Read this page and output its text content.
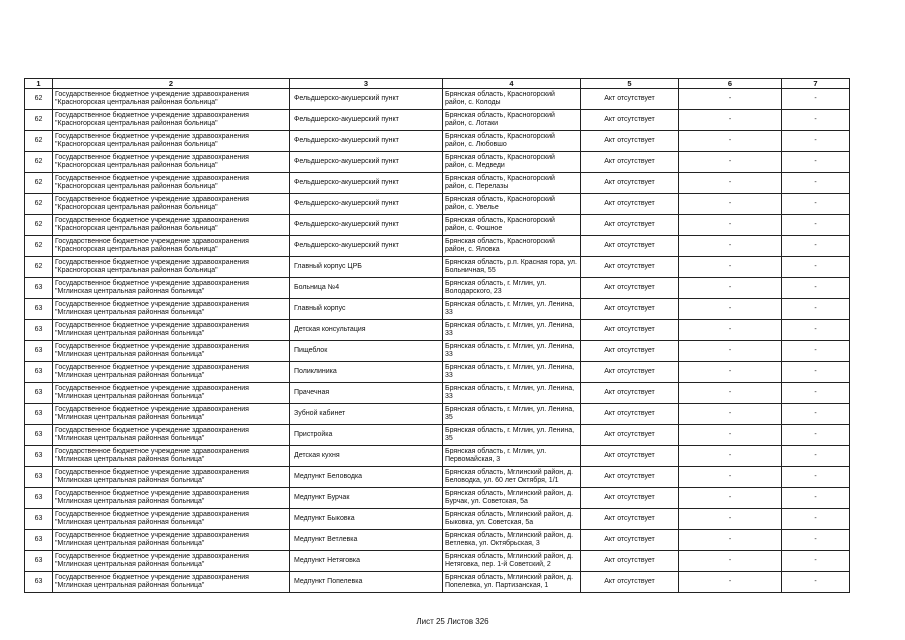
1	2	3	4	5	6	7
62	Государственное бюджетное учреждение здравоохранения "Красногорская центральная районная больница"	Фельдшерско-акушерский пункт	Брянская область, Красногорский район, с. Колоды	Акт отсутствует	-	-
62	Государственное бюджетное учреждение здравоохранения "Красногорская центральная районная больница"	Фельдшерско-акушерский пункт	Брянская область, Красногорский район, с. Лотаки	Акт отсутствует	-	-
62	Государственное бюджетное учреждение здравоохранения "Красногорская центральная районная больница"	Фельдшерско-акушерский пункт	Брянская область, Красногорский район, с. Любовшо	Акт отсутствует	-	-
62	Государственное бюджетное учреждение здравоохранения "Красногорская центральная районная больница"	Фельдшерско-акушерский пункт	Брянская область, Красногорский район, с. Медведи	Акт отсутствует	-	-
62	Государственное бюджетное учреждение здравоохранения "Красногорская центральная районная больница"	Фельдшерско-акушерский пункт	Брянская область, Красногорский район, с. Перелазы	Акт отсутствует	-	-
62	Государственное бюджетное учреждение здравоохранения "Красногорская центральная районная больница"	Фельдшерско-акушерский пункт	Брянская область, Красногорский район, с. Увелье	Акт отсутствует	-	-
62	Государственное бюджетное учреждение здравоохранения "Красногорская центральная районная больница"	Фельдшерско-акушерский пункт	Брянская область, Красногорский район, с. Фошное	Акт отсутствует	-	-
62	Государственное бюджетное учреждение здравоохранения "Красногорская центральная районная больница"	Фельдшерско-акушерский пункт	Брянская область, Красногорский район, с. Яловка	Акт отсутствует	-	-
62	Государственное бюджетное учреждение здравоохранения "Красногорская центральная районная больница"	Главный корпус ЦРБ	Брянская область, р.п. Красная гора, ул. Больничная, 55	Акт отсутствует	-	-
63	Государственное бюджетное учреждение здравоохранения "Мглинская центральная районная больница"	Больница №4	Брянская область, г. Мглин, ул. Володарского, 23	Акт отсутствует	-	-
63	Государственное бюджетное учреждение здравоохранения "Мглинская центральная районная больница"	Главный корпус	Брянская область, г. Мглин, ул. Ленина, 33	Акт отсутствует	-	-
63	Государственное бюджетное учреждение здравоохранения "Мглинская центральная районная больница"	Детская консультация	Брянская область, г. Мглин, ул. Ленина, 33	Акт отсутствует	-	-
63	Государственное бюджетное учреждение здравоохранения "Мглинская центральная районная больница"	Пищеблок	Брянская область, г. Мглин, ул. Ленина, 33	Акт отсутствует	-	-
63	Государственное бюджетное учреждение здравоохранения "Мглинская центральная районная больница"	Поликлиника	Брянская область, г. Мглин, ул. Ленина, 33	Акт отсутствует	-	-
63	Государственное бюджетное учреждение здравоохранения "Мглинская центральная районная больница"	Прачечная	Брянская область, г. Мглин, ул. Ленина, 33	Акт отсутствует	-	-
63	Государственное бюджетное учреждение здравоохранения "Мглинская центральная районная больница"	Зубной кабинет	Брянская область, г. Мглин, ул. Ленина, 35	Акт отсутствует	-	-
63	Государственное бюджетное учреждение здравоохранения "Мглинская центральная районная больница"	Пристройка	Брянская область, г. Мглин, ул. Ленина, 35	Акт отсутствует	-	-
63	Государственное бюджетное учреждение здравоохранения "Мглинская центральная районная больница"	Детская кухня	Брянская область, г. Мглин, ул. Первомайская, 3	Акт отсутствует	-	-
63	Государственное бюджетное учреждение здравоохранения "Мглинская центральная районная больница"	Медпункт Беловодка	Брянская область, Мглинский район, д. Беловодка, ул. 60 лет Октября, 1/1	Акт отсутствует	-	-
63	Государственное бюджетное учреждение здравоохранения "Мглинская центральная районная больница"	Медпункт Бурчак	Брянская область, Мглинский район, д. Бурчак, ул. Советская, 5а	Акт отсутствует	-	-
63	Государственное бюджетное учреждение здравоохранения "Мглинская центральная районная больница"	Медпункт Быковка	Брянская область, Мглинский район, д. Быковка, ул. Советская, 5а	Акт отсутствует	-	-
63	Государственное бюджетное учреждение здравоохранения "Мглинская центральная районная больница"	Медпункт Ветлевка	Брянская область, Мглинский район, д. Ветлевка, ул. Октябрьская, 3	Акт отсутствует	-	-
63	Государственное бюджетное учреждение здравоохранения "Мглинская центральная районная больница"	Медпункт Нетяговка	Брянская область, Мглинский район, д. Нетяговка, пер. 1-й Советский, 2	Акт отсутствует	-	-
63	Государственное бюджетное учреждение здравоохранения "Мглинская центральная районная больница"	Медпункт Попелевка	Брянская область, Мглинский район, д. Попелевка, ул. Партизанская, 1	Акт отсутствует	-	-
Лист 25 Листов 326
